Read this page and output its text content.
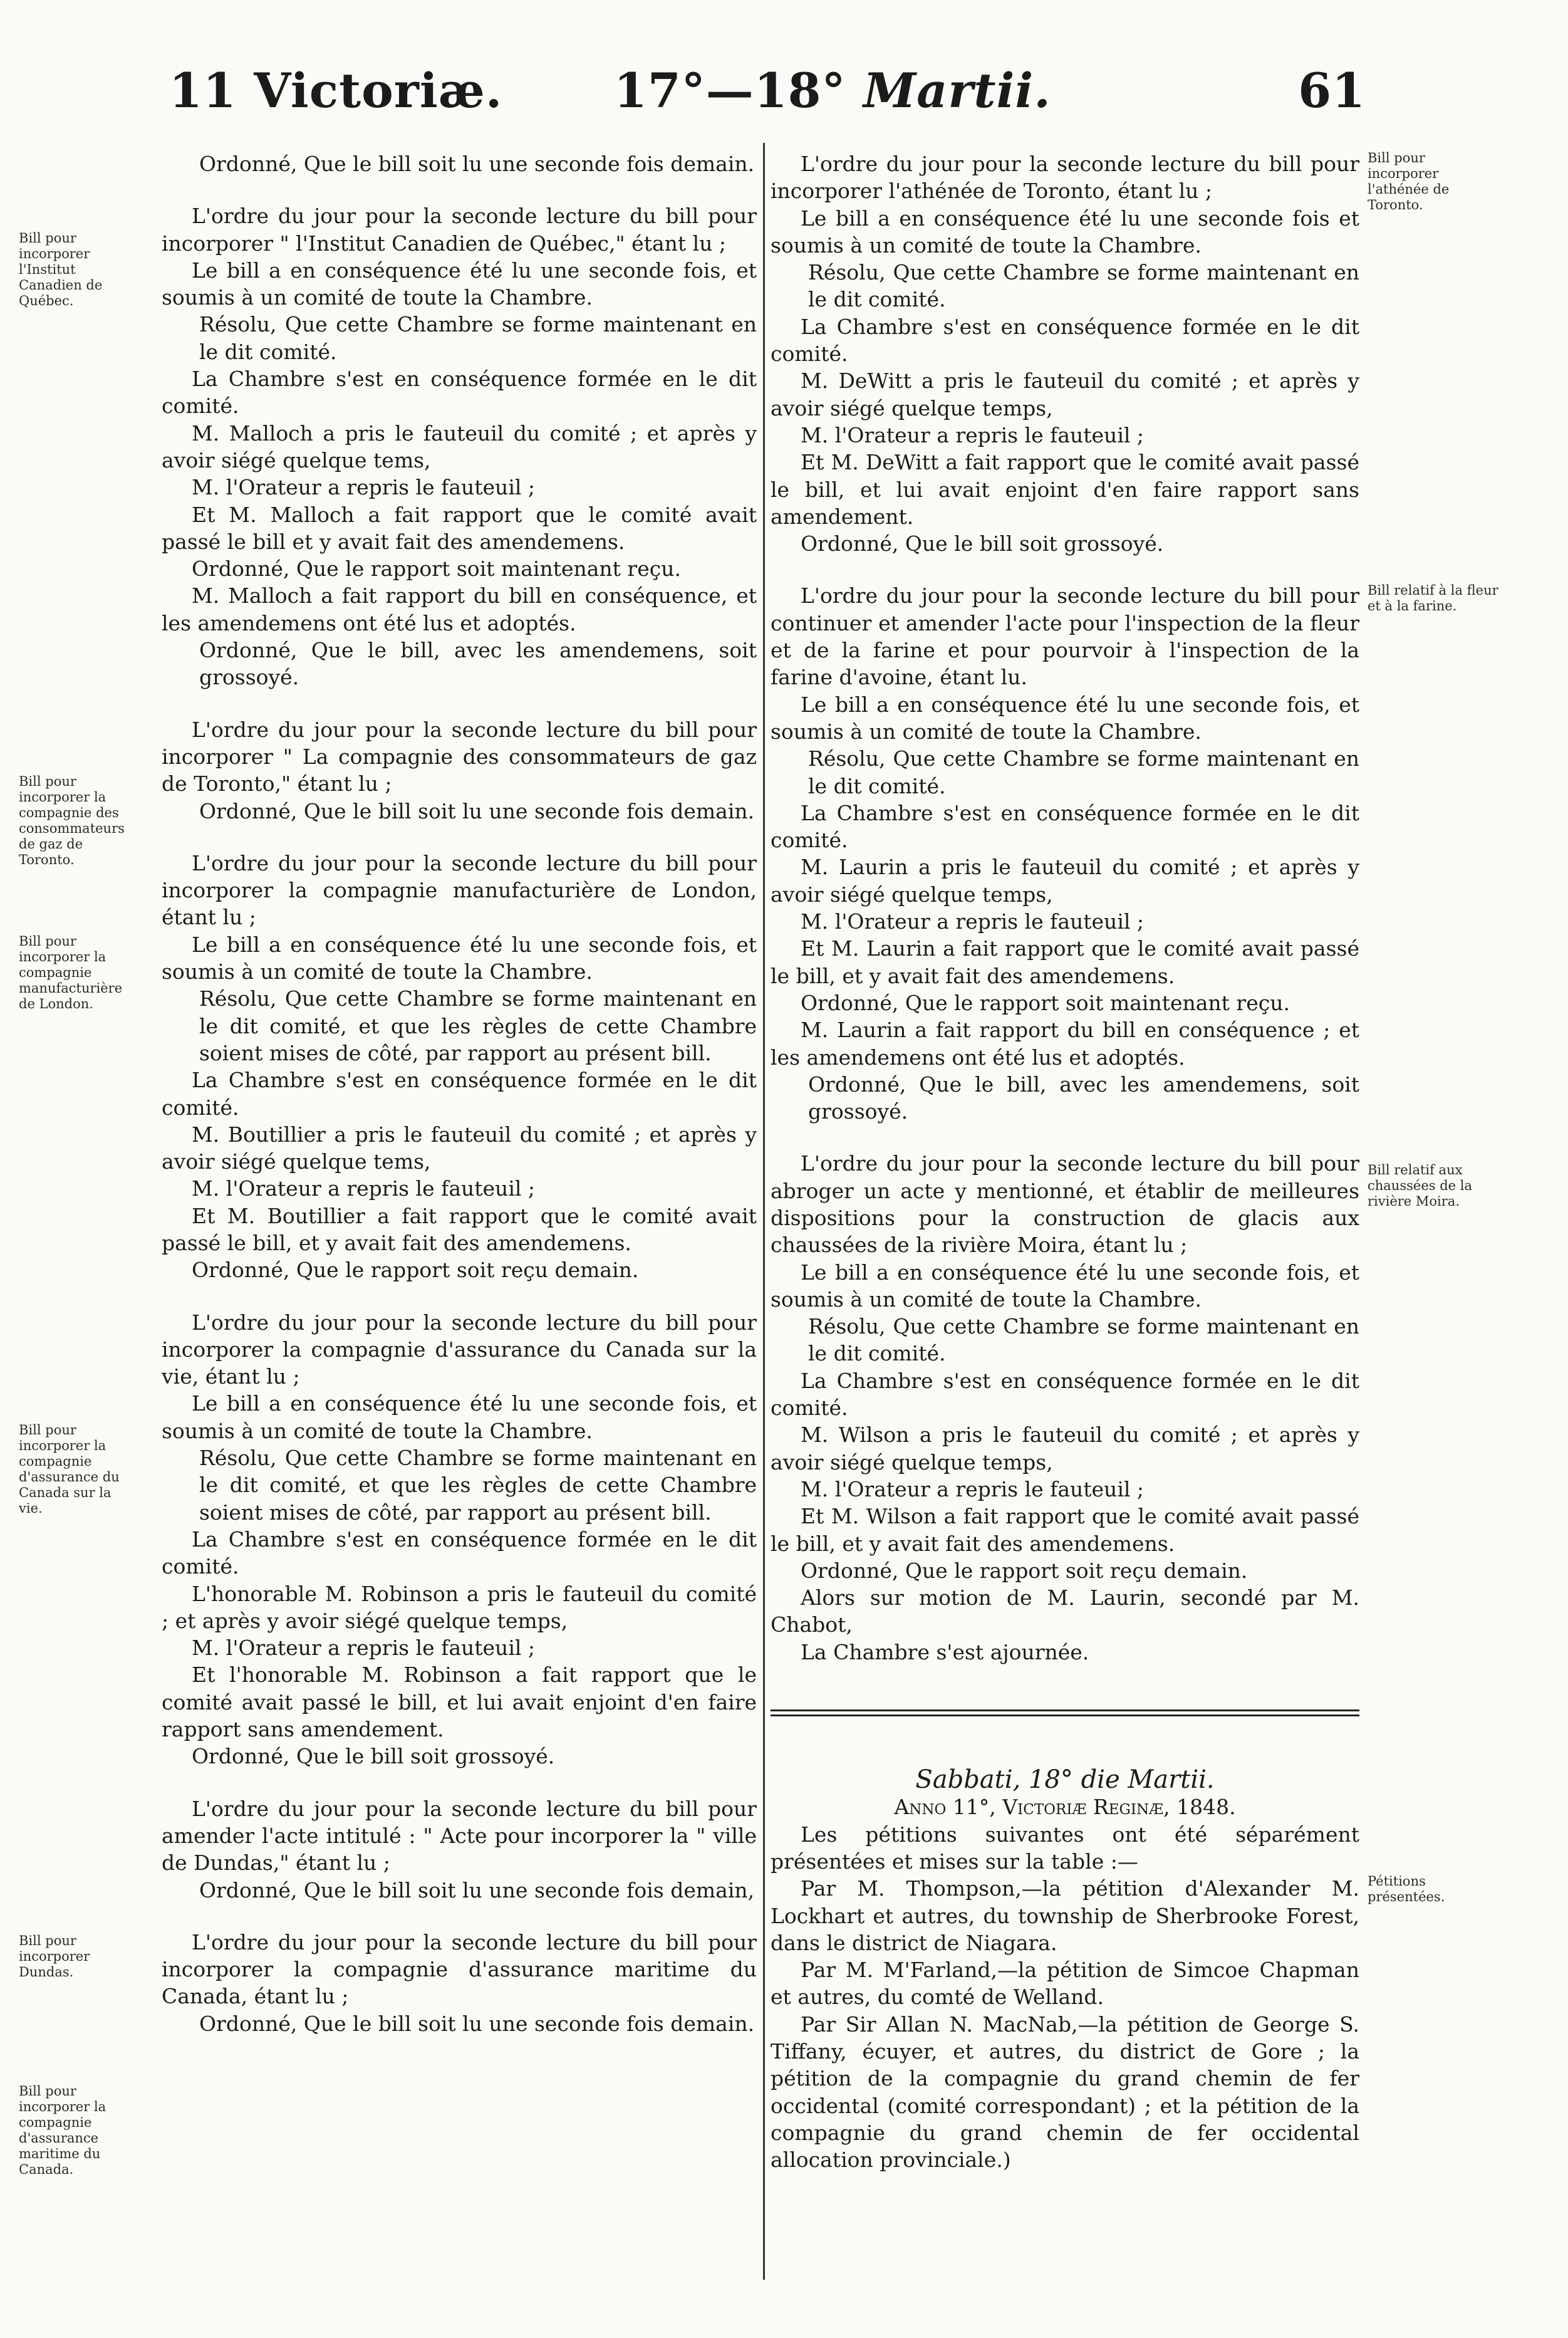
11 Victoriæ. 17°—18° Martii.	61
Bill pour incorporer l'Institut Canadien de Québec.
Bill pour incorporer la compagnie des consommateurs de gaz de Toronto.
Bill pour incorporer la compagnie manufacturière de London.
Bill pour incorporer la compagnie d'assurance du Canada sur la vie.
Bill pour incorporer Dundas.
Bill pour incorporer la compagnie d'assurance maritime du Canada.
Bill pour incorporer l'athénée de Toronto.
Bill relatif à la fleur et à la farine.
Bill relatif aux chaussées de la rivière Moira.
Pétitions présentées.

Ordonné, Que le bill soit lu une seconde fois demain.

L'ordre du jour pour la seconde lecture du bill pour incorporer " l'Institut Canadien de Québec," étant lu ;

Le bill a en conséquence été lu une seconde fois, et soumis à un comité de toute la Chambre.

Résolu, Que cette Chambre se forme maintenant en le dit comité.

La Chambre s'est en conséquence formée en le dit comité.

M. Malloch a pris le fauteuil du comité ; et après y avoir siégé quelque tems,

M. l'Orateur a repris le fauteuil ;

Et M. Malloch a fait rapport que le comité avait passé le bill et y avait fait des amendemens.

Ordonné, Que le rapport soit maintenant reçu.

M. Malloch a fait rapport du bill en conséquence, et les amendemens ont été lus et adoptés.

Ordonné, Que le bill, avec les amendemens, soit grossoyé.

L'ordre du jour pour la seconde lecture du bill pour incorporer " La compagnie des consommateurs de gaz de Toronto," étant lu ;

Ordonné, Que le bill soit lu une seconde fois demain.

L'ordre du jour pour la seconde lecture du bill pour incorporer la compagnie manufacturière de London, étant lu ;

Le bill a en conséquence été lu une seconde fois, et soumis à un comité de toute la Chambre.

Résolu, Que cette Chambre se forme maintenant en le dit comité, et que les règles de cette Chambre soient mises de côté, par rapport au présent bill.

La Chambre s'est en conséquence formée en le dit comité.

M. Boutillier a pris le fauteuil du comité ; et après y avoir siégé quelque tems,

M. l'Orateur a repris le fauteuil ;

Et M. Boutillier a fait rapport que le comité avait passé le bill, et y avait fait des amendemens.

Ordonné, Que le rapport soit reçu demain.

L'ordre du jour pour la seconde lecture du bill pour incorporer la compagnie d'assurance du Canada sur la vie, étant lu ;

Le bill a en conséquence été lu une seconde fois, et soumis à un comité de toute la Chambre.

Résolu, Que cette Chambre se forme maintenant en le dit comité, et que les règles de cette Chambre soient mises de côté, par rapport au présent bill.

La Chambre s'est en conséquence formée en le dit comité.

L'honorable M. Robinson a pris le fauteuil du comité ; et après y avoir siégé quelque temps,

M. l'Orateur a repris le fauteuil ;

Et l'honorable M. Robinson a fait rapport que le comité avait passé le bill, et lui avait enjoint d'en faire rapport sans amendement.

Ordonné, Que le bill soit grossoyé.

L'ordre du jour pour la seconde lecture du bill pour amender l'acte intitulé : " Acte pour incorporer la " ville de Dundas," étant lu ;

Ordonné, Que le bill soit lu une seconde fois demain,

L'ordre du jour pour la seconde lecture du bill pour incorporer la compagnie d'assurance maritime du Canada, étant lu ;

Ordonné, Que le bill soit lu une seconde fois demain.

L'ordre du jour pour la seconde lecture du bill pour incorporer l'athénée de Toronto, étant lu ;

Le bill a en conséquence été lu une seconde fois et soumis à un comité de toute la Chambre.

Résolu, Que cette Chambre se forme maintenant en le dit comité.

La Chambre s'est en conséquence formée en le dit comité.

M. DeWitt a pris le fauteuil du comité ; et après y avoir siégé quelque temps,

M. l'Orateur a repris le fauteuil ;

Et M. DeWitt a fait rapport que le comité avait passé le bill, et lui avait enjoint d'en faire rapport sans amendement.

Ordonné, Que le bill soit grossoyé.

L'ordre du jour pour la seconde lecture du bill pour continuer et amender l'acte pour l'inspection de la fleur et de la farine et pour pourvoir à l'inspection de la farine d'avoine, étant lu.

Le bill a en conséquence été lu une seconde fois, et soumis à un comité de toute la Chambre.

Résolu, Que cette Chambre se forme maintenant en le dit comité.

La Chambre s'est en conséquence formée en le dit comité.

M. Laurin a pris le fauteuil du comité ; et après y avoir siégé quelque temps,

M. l'Orateur a repris le fauteuil ;

Et M. Laurin a fait rapport que le comité avait passé le bill, et y avait fait des amendemens.

Ordonné, Que le rapport soit maintenant reçu.

M. Laurin a fait rapport du bill en conséquence ; et les amendemens ont été lus et adoptés.

Ordonné, Que le bill, avec les amendemens, soit grossoyé.

L'ordre du jour pour la seconde lecture du bill pour abroger un acte y mentionné, et établir de meilleures dispositions pour la construction de glacis aux chaussées de la rivière Moira, étant lu ;

Le bill a en conséquence été lu une seconde fois, et soumis à un comité de toute la Chambre.

Résolu, Que cette Chambre se forme maintenant en le dit comité.

La Chambre s'est en conséquence formée en le dit comité.

M. Wilson a pris le fauteuil du comité ; et après y avoir siégé quelque temps,

M. l'Orateur a repris le fauteuil ;

Et M. Wilson a fait rapport que le comité avait passé le bill, et y avait fait des amendemens.

Ordonné, Que le rapport soit reçu demain.

Alors sur motion de M. Laurin, secondé par M. Chabot,

La Chambre s'est ajournée.

Sabbati, 18° die Martii.

Anno 11°, Victoriæ Reginæ, 1848.

Les pétitions suivantes ont été séparément présentées et mises sur la table :—

Par M. Thompson,—la pétition d'Alexander M. Lockhart et autres, du township de Sherbrooke Forest, dans le district de Niagara.

Par M. M'Farland,—la pétition de Simcoe Chapman et autres, du comté de Welland.

Par Sir Allan N. MacNab,—la pétition de George S. Tiffany, écuyer, et autres, du district de Gore ; la pétition de la compagnie du grand chemin de fer occidental (comité correspondant) ; et la pétition de la compagnie du grand chemin de fer occidental allocation provinciale.)
